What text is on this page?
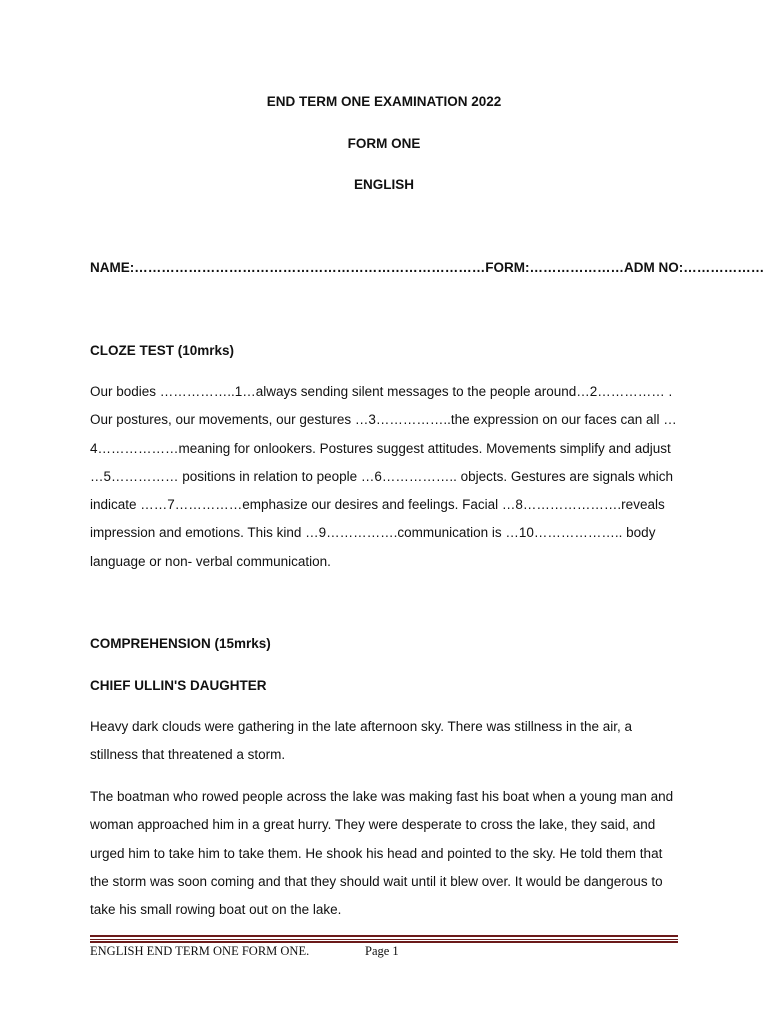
END TERM ONE EXAMINATION 2022
FORM ONE
ENGLISH
NAME:……………………………………………………………………FORM:…………………ADM NO:………………
CLOZE TEST (10mrks)

Our bodies ……………..1…always sending silent messages to the people around…2…………… . Our postures, our movements, our gestures …3……………..the expression on our faces can all …4………………meaning for onlookers. Postures suggest attitudes. Movements simplify and adjust …5…………… positions in relation to people …6…………….. objects. Gestures are signals which indicate ……7……………emphasize our desires and feelings. Facial …8………………….reveals impression and emotions. This kind …9…………….communication is …10……………….. body language or non- verbal communication.

COMPREHENSION (15mrks)
CHIEF ULLIN'S DAUGHTER

Heavy dark clouds were gathering in the late afternoon sky. There was stillness in the air, a stillness that threatened a storm.

The boatman who rowed people across the lake was making fast his boat when a young man and woman approached him in a great hurry. They were desperate to cross the lake, they said, and urged him to take him to take them. He shook his head and pointed to the sky. He told them that the storm was soon coming and that they should wait until it blew over. It would be dangerous to take his small rowing boat out on the lake.

ENGLISH END TERM ONE FORM ONE.	Page 1
